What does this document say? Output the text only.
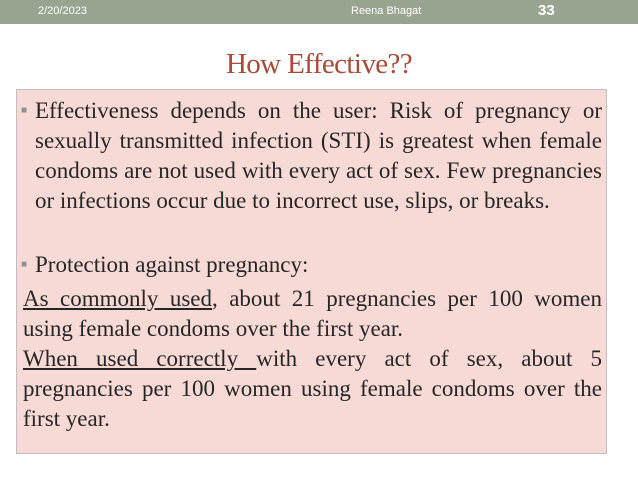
2/20/2023	Reena Bhagat	33
How Effective??

■ Effectiveness depends on the user: Risk of pregnancy or sexually transmitted infection (STI) is greatest when female condoms are not used with every act of sex. Few pregnancies or infections occur due to incorrect use, slips, or breaks.

■ Protection against pregnancy:

As commonly used, about 21 pregnancies per 100 women using female condoms over the first year.

When used correctly with every act of sex, about 5 pregnancies per 100 women using female condoms over the first year.
